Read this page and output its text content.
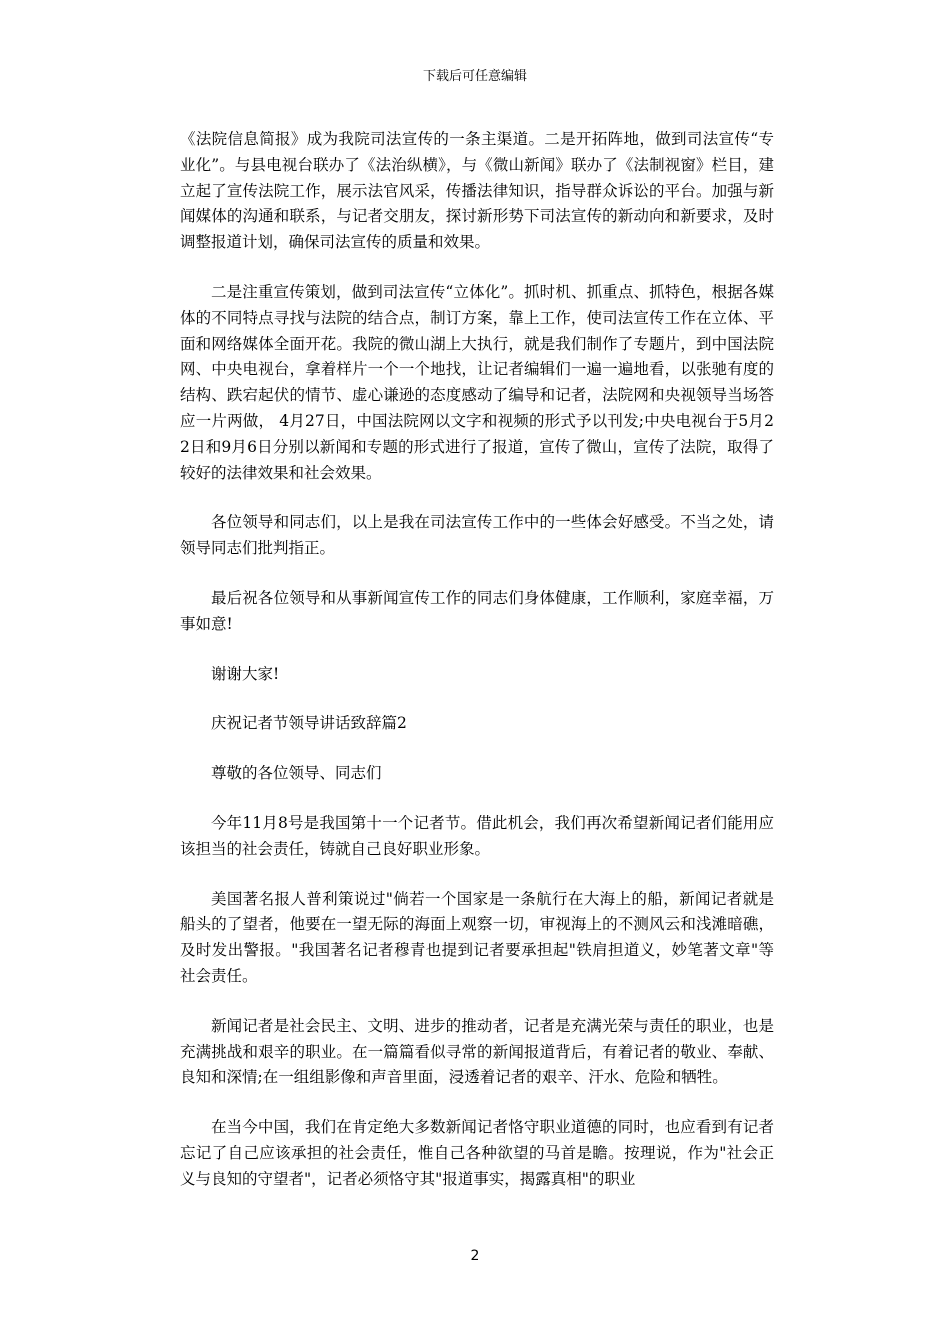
下载后可任意编辑

《法院信息简报》成为我院司法宣传的一条主渠道。二是开拓阵地，做到司法宣传“专业化”。与县电视台联办了《法治纵横》，与《微山新闻》联办了《法制视窗》栏目，建立起了宣传法院工作，展示法官风采，传播法律知识，指导群众诉讼的平台。加强与新闻媒体的沟通和联系，与记者交朋友，探讨新形势下司法宣传的新动向和新要求，及时调整报道计划，确保司法宣传的质量和效果。

二是注重宣传策划，做到司法宣传“立体化”。抓时机、抓重点、抓特色，根据各媒体的不同特点寻找与法院的结合点，制订方案，靠上工作，使司法宣传工作在立体、平面和网络媒体全面开花。我院的微山湖上大执行，就是我们制作了专题片，到中国法院网、中央电视台，拿着样片一个一个地找，让记者编辑们一遍一遍地看，以张驰有度的结构、跌宕起伏的情节、虚心谦逊的态度感动了编导和记者，法院网和央视领导当场答应一片两做， 4月27日，中国法院网以文字和视频的形式予以刊发;中央电视台于5月22日和9月6日分别以新闻和专题的形式进行了报道，宣传了微山，宣传了法院，取得了较好的法律效果和社会效果。

各位领导和同志们，以上是我在司法宣传工作中的一些体会好感受。不当之处，请领导同志们批判指正。

最后祝各位领导和从事新闻宣传工作的同志们身体健康，工作顺利，家庭幸福，万事如意!

谢谢大家!

庆祝记者节领导讲话致辞篇2

尊敬的各位领导、同志们

今年11月8号是我国第十一个记者节。借此机会，我们再次希望新闻记者们能用应该担当的社会责任，铸就自己良好职业形象。

美国著名报人普利策说过"倘若一个国家是一条航行在大海上的船，新闻记者就是船头的了望者，他要在一望无际的海面上观察一切，审视海上的不测风云和浅滩暗礁，及时发出警报。"我国著名记者穆青也提到记者要承担起"铁肩担道义，妙笔著文章"等社会责任。

新闻记者是社会民主、文明、进步的推动者，记者是充满光荣与责任的职业，也是充满挑战和艰辛的职业。在一篇篇看似寻常的新闻报道背后，有着记者的敬业、奉献、良知和深情;在一组组影像和声音里面，浸透着记者的艰辛、汗水、危险和牺牲。

在当今中国，我们在肯定绝大多数新闻记者恪守职业道德的同时，也应看到有记者忘记了自己应该承担的社会责任，惟自己各种欲望的马首是瞻。按理说，作为"社会正义与良知的守望者"，记者必须恪守其"报道事实，揭露真相"的职业

2
